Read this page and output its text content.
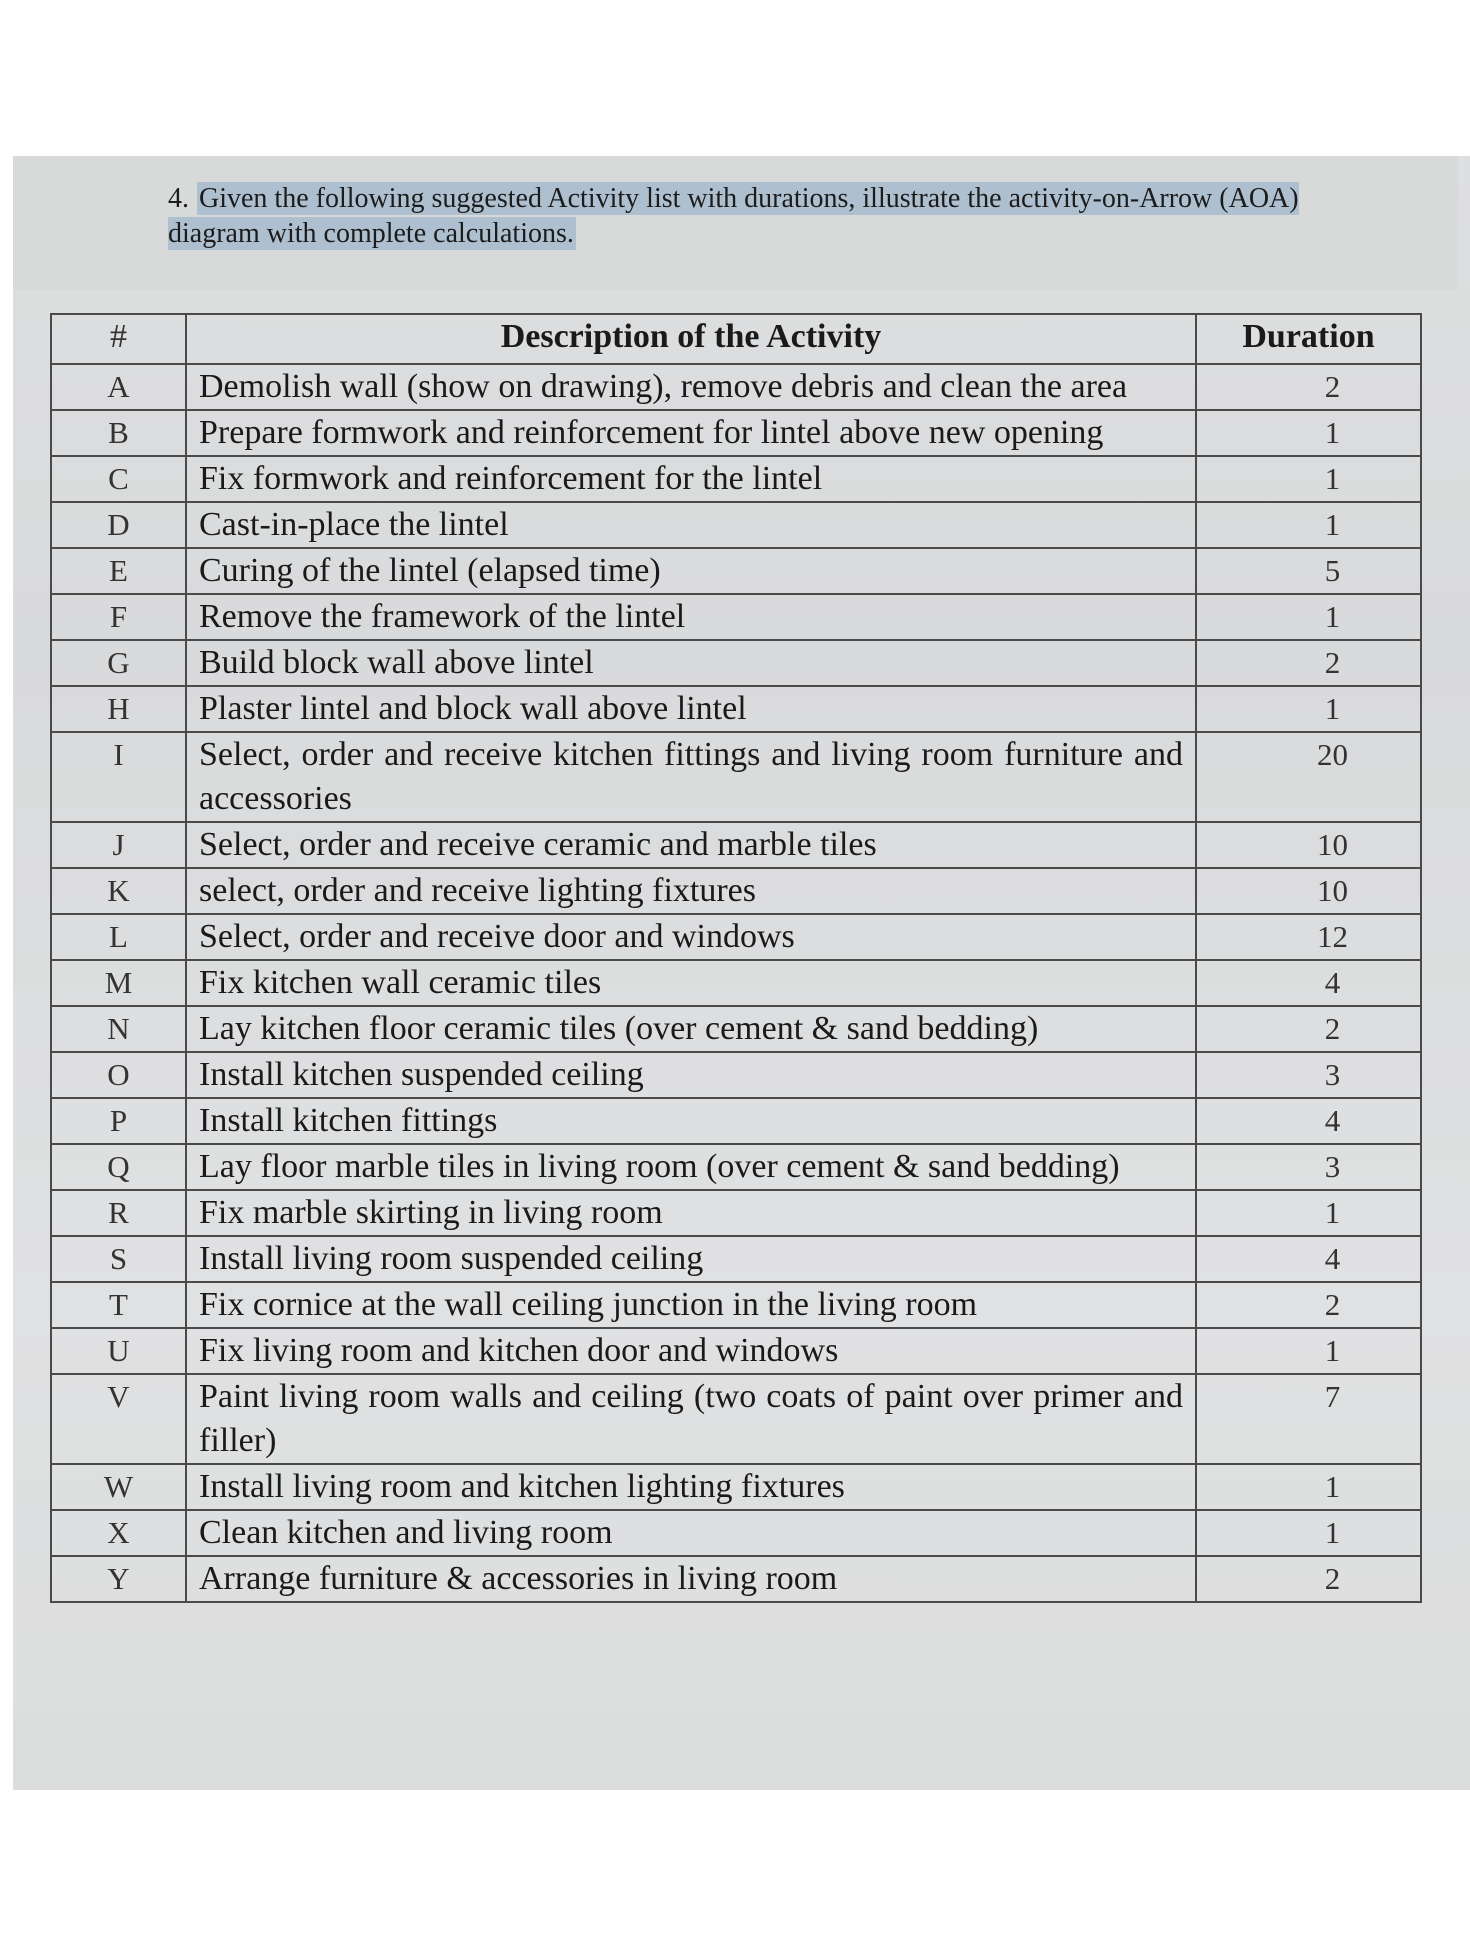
4. Given the following suggested Activity list with durations, illustrate the activity-on-Arrow (AOA) diagram with complete calculations.
#	Description of the Activity	Duration
A	Demolish wall (show on drawing), remove debris and clean the area	2
B	Prepare formwork and reinforcement for lintel above new opening	1
C	Fix formwork and reinforcement for the lintel	1
D	Cast-in-place the lintel	1
E	Curing of the lintel (elapsed time)	5
F	Remove the framework of the lintel	1
G	Build block wall above lintel	2
H	Plaster lintel and block wall above lintel	1
I	Select, order and receive kitchen fittings and living room furniture and accessories	20
J	Select, order and receive ceramic and marble tiles	10
K	select, order and receive lighting fixtures	10
L	Select, order and receive door and windows	12
M	Fix kitchen wall ceramic tiles	4
N	Lay kitchen floor ceramic tiles (over cement & sand bedding)	2
O	Install kitchen suspended ceiling	3
P	Install kitchen fittings	4
Q	Lay floor marble tiles in living room (over cement & sand bedding)	3
R	Fix marble skirting in living room	1
S	Install living room suspended ceiling	4
T	Fix cornice at the wall ceiling junction in the living room	2
U	Fix living room and kitchen door and windows	1
V	Paint living room walls and ceiling (two coats of paint over primer and filler)	7
W	Install living room and kitchen lighting fixtures	1
X	Clean kitchen and living room	1
Y	Arrange furniture & accessories in living room	2
